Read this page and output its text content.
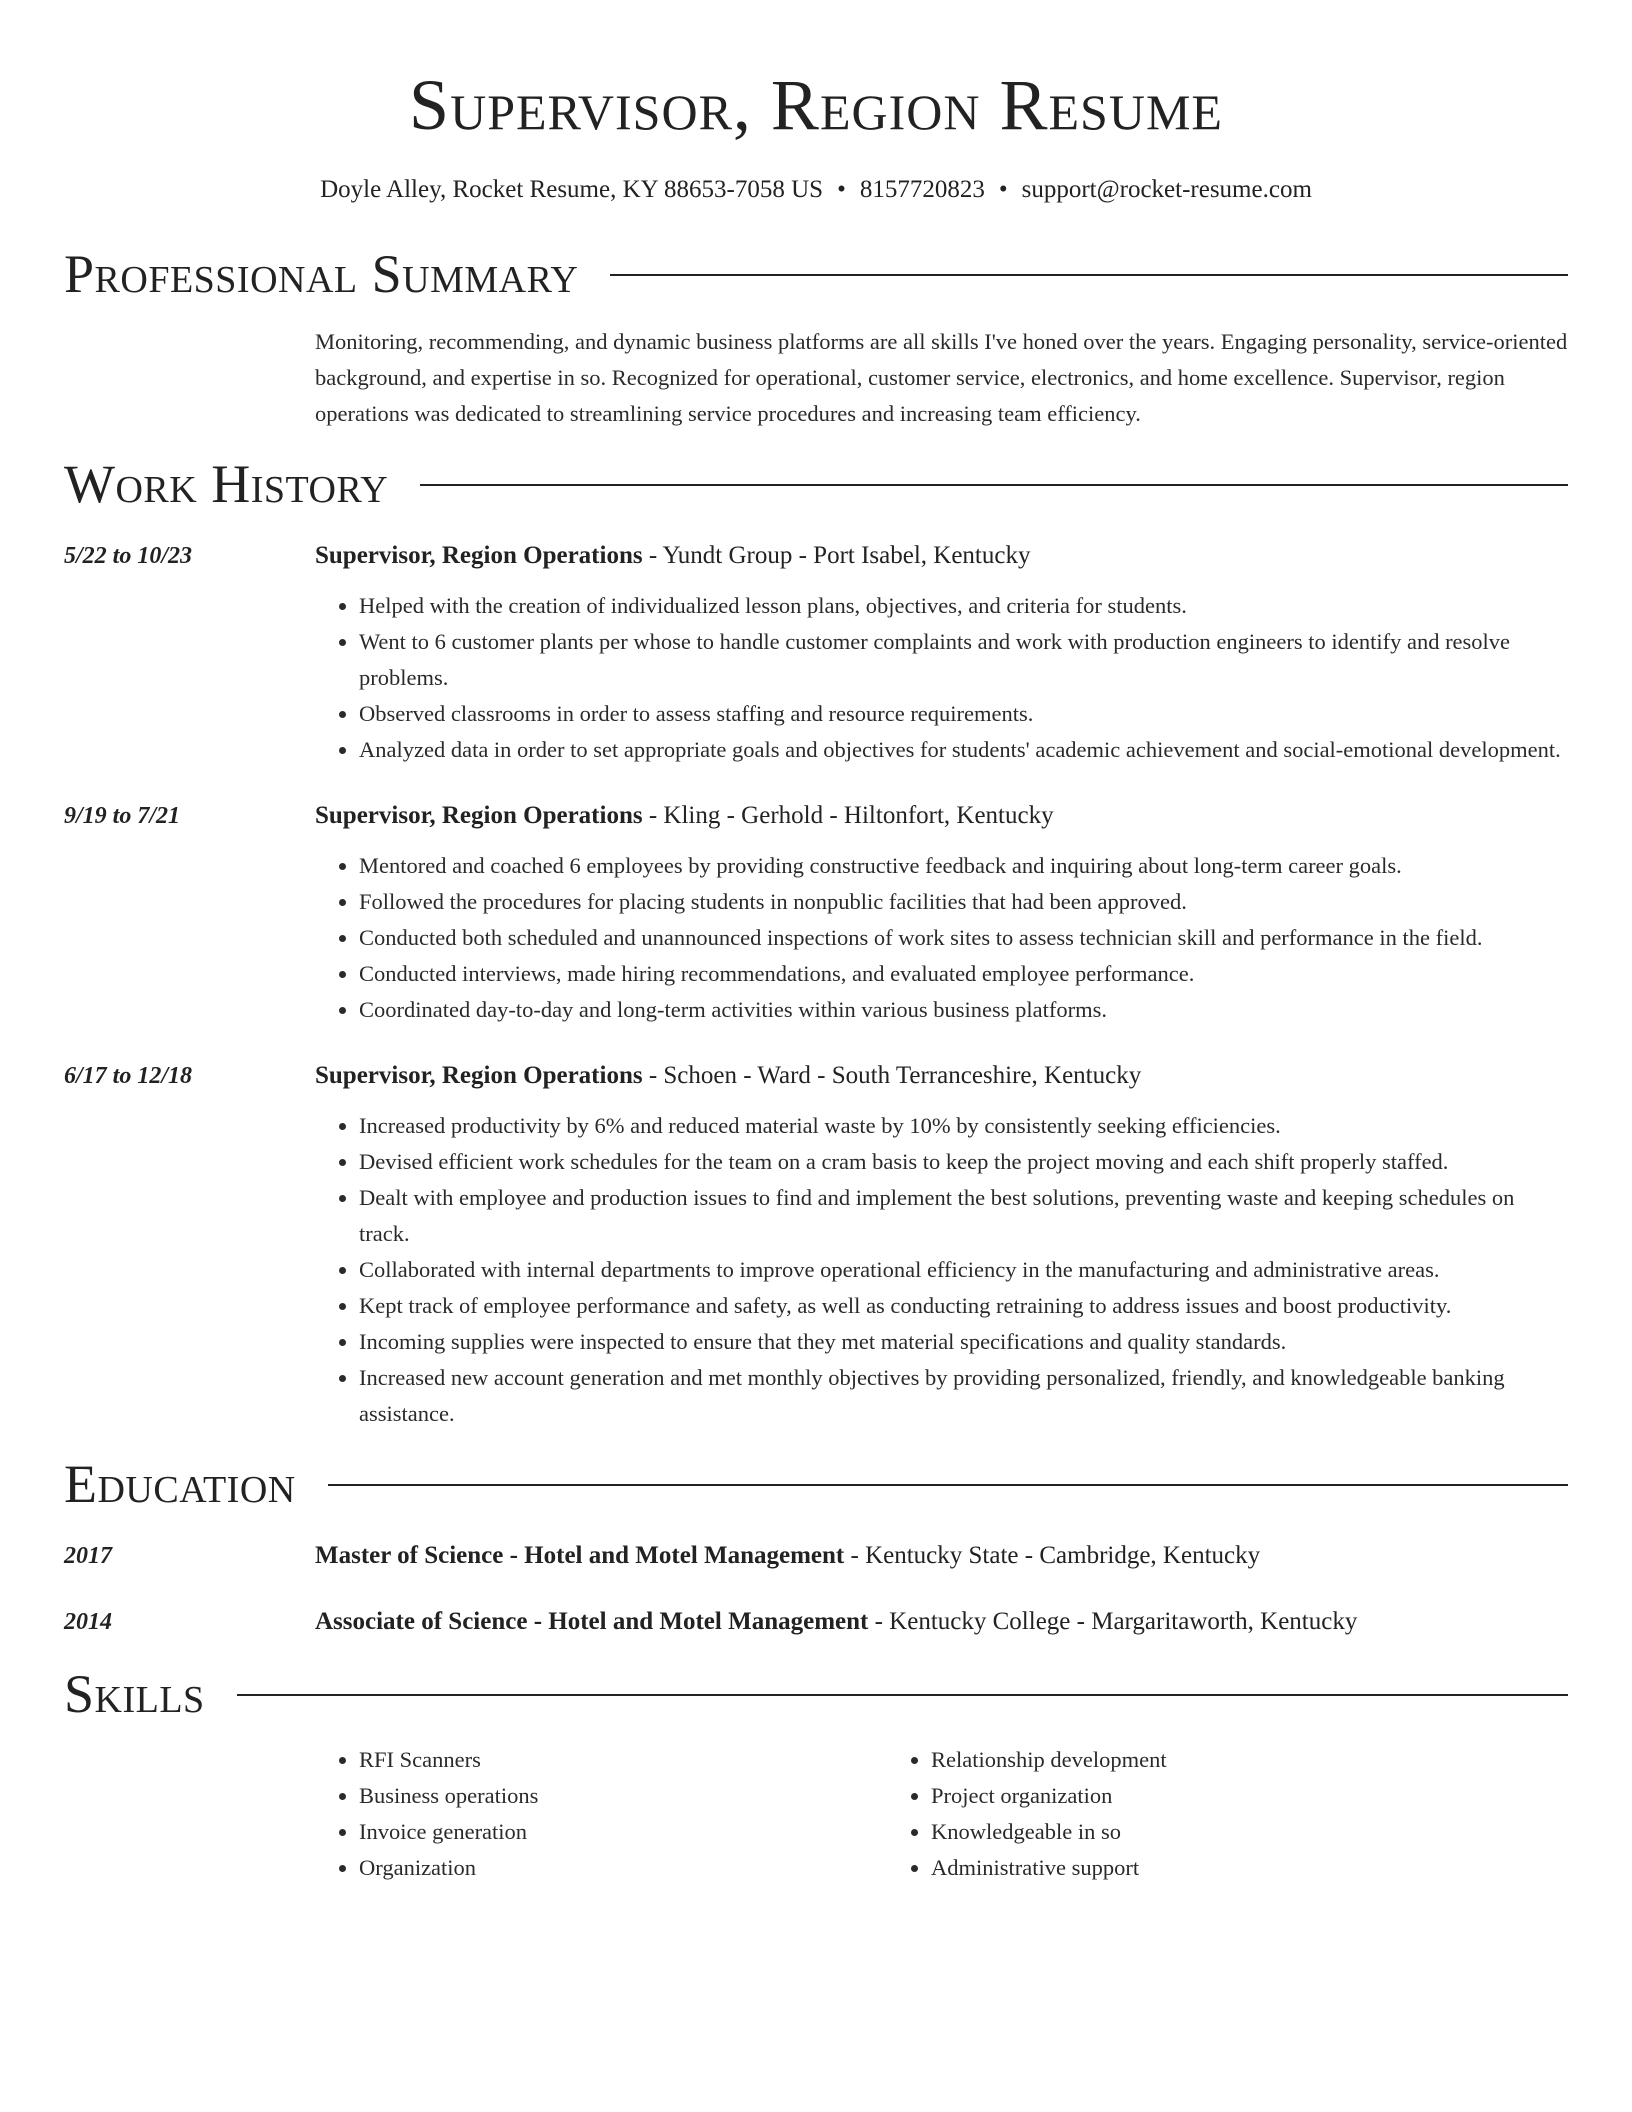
Supervisor, Region Resume
Doyle Alley, Rocket Resume, KY 88653-7058 US • 8157720823 • support@rocket-resume.com
Professional Summary
Monitoring, recommending, and dynamic business platforms are all skills I've honed over the years. Engaging personality, service-oriented background, and expertise in so. Recognized for operational, customer service, electronics, and home excellence. Supervisor, region operations was dedicated to streamlining service procedures and increasing team efficiency.
Work History
5/22 to 10/23	Supervisor, Region Operations - Yundt Group - Port Isabel, Kentucky
• Helped with the creation of individualized lesson plans, objectives, and criteria for students.
• Went to 6 customer plants per whose to handle customer complaints and work with production engineers to identify and resolve problems.
• Observed classrooms in order to assess staffing and resource requirements.
• Analyzed data in order to set appropriate goals and objectives for students' academic achievement and social-emotional development.
9/19 to 7/21	Supervisor, Region Operations - Kling - Gerhold - Hiltonfort, Kentucky
• Mentored and coached 6 employees by providing constructive feedback and inquiring about long-term career goals.
• Followed the procedures for placing students in nonpublic facilities that had been approved.
• Conducted both scheduled and unannounced inspections of work sites to assess technician skill and performance in the field.
• Conducted interviews, made hiring recommendations, and evaluated employee performance.
• Coordinated day-to-day and long-term activities within various business platforms.
6/17 to 12/18	Supervisor, Region Operations - Schoen - Ward - South Terranceshire, Kentucky
• Increased productivity by 6% and reduced material waste by 10% by consistently seeking efficiencies.
• Devised efficient work schedules for the team on a cram basis to keep the project moving and each shift properly staffed.
• Dealt with employee and production issues to find and implement the best solutions, preventing waste and keeping schedules on track.
• Collaborated with internal departments to improve operational efficiency in the manufacturing and administrative areas.
• Kept track of employee performance and safety, as well as conducting retraining to address issues and boost productivity.
• Incoming supplies were inspected to ensure that they met material specifications and quality standards.
• Increased new account generation and met monthly objectives by providing personalized, friendly, and knowledgeable banking assistance.
Education
2017	Master of Science - Hotel and Motel Management - Kentucky State - Cambridge, Kentucky
2014	Associate of Science - Hotel and Motel Management - Kentucky College - Margaritaworth, Kentucky
Skills
• RFI Scanners
• Business operations
• Invoice generation
• Organization
• Relationship development
• Project organization
• Knowledgeable in so
• Administrative support
